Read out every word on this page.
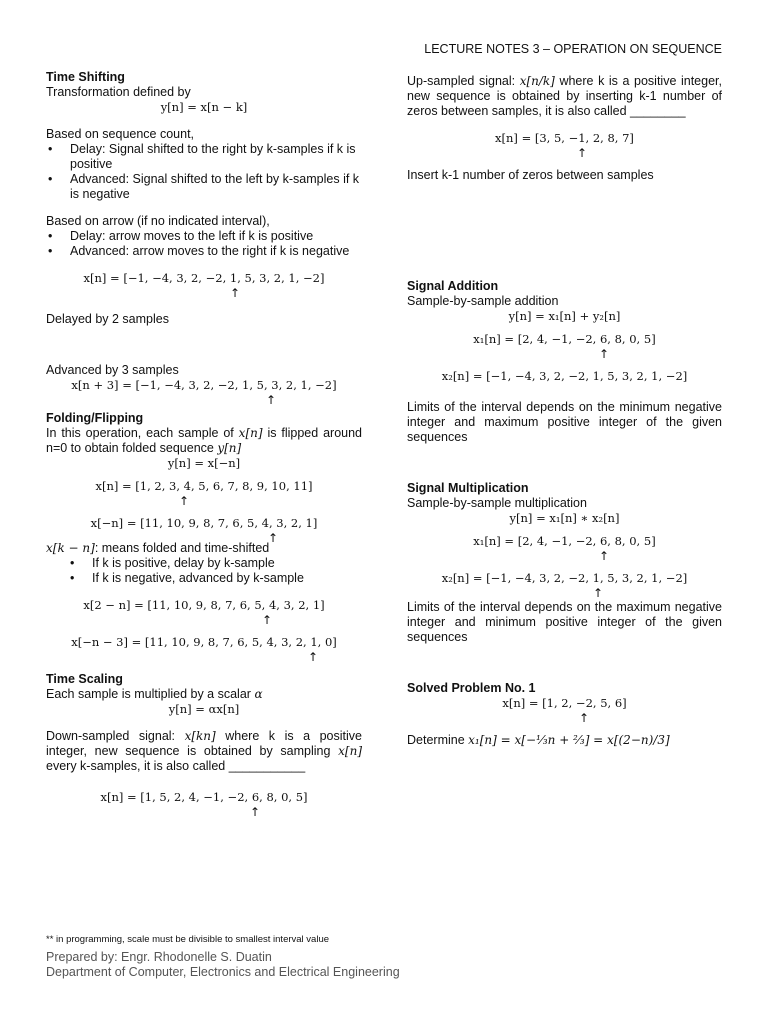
LECTURE NOTES 3 – OPERATION ON SEQUENCE

Time Shifting

Transformation defined by

y[n] = x[n − k]

Based on sequence count,

• Delay: Signal shifted to the right by k-samples if k is positive
• Advanced: Signal shifted to the left by k-samples if k is negative

Based on arrow (if no indicated interval),

• Delay: arrow moves to the left if k is positive
• Advanced: arrow moves to the right if k is negative
x[n] = [−1, −4, 3, 2, −2, 1, 5, 3, 2, 1, −2]
↑

Delayed by 2 samples

Advanced by 3 samples

x[n + 3] = [−1, −4, 3, 2, −2, 1, 5, 3, 2, 1, −2]
↑

Folding/Flipping

In this operation, each sample of x[n] is flipped around n=0 to obtain folded sequence y[n]

y[n] = x[−n]
x[n] = [1, 2, 3, 4, 5, 6, 7, 8, 9, 10, 11]
↑
x[−n] = [11, 10, 9, 8, 7, 6, 5, 4, 3, 2, 1]
↑

x[k − n]: means folded and time-shifted

• If k is positive, delay by k-sample
• If k is negative, advanced by k-sample
x[2 − n] = [11, 10, 9, 8, 7, 6, 5, 4, 3, 2, 1]
↑
x[−n − 3] = [11, 10, 9, 8, 7, 6, 5, 4, 3, 2, 1, 0]
↑

Time Scaling

Each sample is multiplied by a scalar α

y[n] = αx[n]

Down-sampled signal: x[kn] where k is a positive integer, new sequence is obtained by sampling x[n] every k-samples, it is also called ___________

x[n] = [1, 5, 2, 4, −1, −2, 6, 8, 0, 5]
↑

Up-sampled signal: x[n/k] where k is a positive integer, new sequence is obtained by inserting k-1 number of zeros between samples, it is also called ________

x[n] = [3, 5, −1, 2, 8, 7]
↑

Insert k-1 number of zeros between samples

Signal Addition

Sample-by-sample addition

y[n] = x₁[n] + y₂[n]
x₁[n] = [2, 4, −1, −2, 6, 8, 0, 5]
↑
x₂[n] = [−1, −4, 3, 2, −2, 1, 5, 3, 2, 1, −2]

Limits of the interval depends on the minimum negative integer and maximum positive integer of the given sequences

Signal Multiplication

Sample-by-sample multiplication

y[n] = x₁[n] ∗ x₂[n]
x₁[n] = [2, 4, −1, −2, 6, 8, 0, 5]
↑
x₂[n] = [−1, −4, 3, 2, −2, 1, 5, 3, 2, 1, −2]
↑

Limits of the interval depends on the maximum negative integer and minimum positive integer of the given sequences

Solved Problem No. 1

x[n] = [1, 2, −2, 5, 6]
↑

Determine x₁[n] = x[−⅓n + ⅔] = x[(2−n)/3]

** in programming, scale must be divisible to smallest interval value
Prepared by: Engr. Rhodonelle S. Duatin
Department of Computer, Electronics and Electrical Engineering
